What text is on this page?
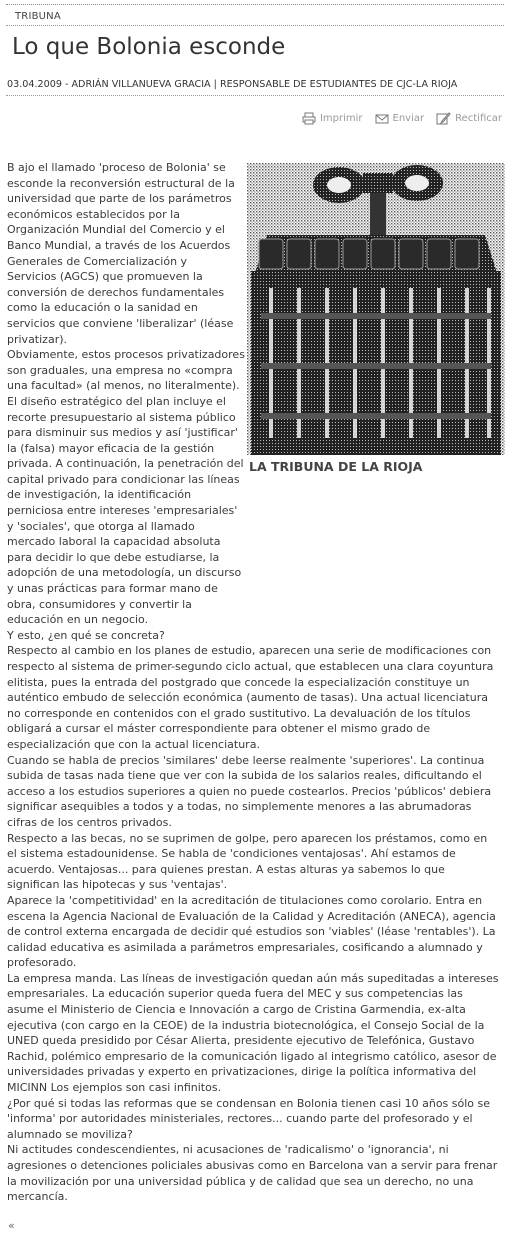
TRIBUNA
Lo que Bolonia esconde
03.04.2009 - ADRIÁN VILLANUEVA GRACIA | RESPONSABLE DE ESTUDIANTES DE CJC-LA RIOJA
Imprimir	Enviar	Rectificar
LA TRIBUNA DE LA RIOJA

B ajo el llamado 'proceso de Bolonia' se esconde la reconversión estructural de la universidad que parte de los parámetros económicos establecidos por la Organización Mundial del Comercio y el Banco Mundial, a través de los Acuerdos Generales de Comercialización y Servicios (AGCS) que promueven la conversión de derechos fundamentales como la educación o la sanidad en servicios que conviene 'liberalizar' (léase privatizar).

Obviamente, estos procesos privatizadores son graduales, una empresa no «compra una facultad» (al menos, no literalmente). El diseño estratégico del plan incluye el recorte presupuestario al sistema público para disminuir sus medios y así 'justificar' la (falsa) mayor eficacia de la gestión privada. A continuación, la penetración del capital privado para condicionar las líneas de investigación, la identificación perniciosa entre intereses 'empresariales' y 'sociales', que otorga al llamado mercado laboral la capacidad absoluta para decidir lo que debe estudiarse, la adopción de una metodología, un discurso y unas prácticas para formar mano de obra, consumidores y convertir la educación en un negocio.

Y esto, ¿en qué se concreta?

Respecto al cambio en los planes de estudio, aparecen una serie de modificaciones con respecto al sistema de primer-segundo ciclo actual, que establecen una clara coyuntura elitista, pues la entrada del postgrado que concede la especialización constituye un auténtico embudo de selección económica (aumento de tasas). Una actual licenciatura no corresponde en contenidos con el grado sustitutivo. La devaluación de los títulos obligará a cursar el máster correspondiente para obtener el mismo grado de especialización que con la actual licenciatura.

Cuando se habla de precios 'similares' debe leerse realmente 'superiores'. La continua subida de tasas nada tiene que ver con la subida de los salarios reales, dificultando el acceso a los estudios superiores a quien no puede costearlos. Precios 'públicos' debiera significar asequibles a todos y a todas, no simplemente menores a las abrumadoras cifras de los centros privados.

Respecto a las becas, no se suprimen de golpe, pero aparecen los préstamos, como en el sistema estadounidense. Se habla de 'condiciones ventajosas'. Ahí estamos de acuerdo. Ventajosas... para quienes prestan. A estas alturas ya sabemos lo que significan las hipotecas y sus 'ventajas'.

Aparece la 'competitividad' en la acreditación de titulaciones como corolario. Entra en escena la Agencia Nacional de Evaluación de la Calidad y Acreditación (ANECA), agencia de control externa encargada de decidir qué estudios son 'viables' (léase 'rentables'). La calidad educativa es asimilada a parámetros empresariales, cosificando a alumnado y profesorado.

La empresa manda. Las líneas de investigación quedan aún más supeditadas a intereses empresariales. La educación superior queda fuera del MEC y sus competencias las asume el Ministerio de Ciencia e Innovación a cargo de Cristina Garmendia, ex-alta ejecutiva (con cargo en la CEOE) de la industria biotecnológica, el Consejo Social de la UNED queda presidido por César Alierta, presidente ejecutivo de Telefónica, Gustavo Rachid, polémico empresario de la comunicación ligado al integrismo católico, asesor de universidades privadas y experto en privatizaciones, dirige la política informativa del MICINN Los ejemplos son casi infinitos.

¿Por qué si todas las reformas que se condensan en Bolonia tienen casi 10 años sólo se 'informa' por autoridades ministeriales, rectores... cuando parte del profesorado y el alumnado se moviliza?

Ni actitudes condescendientes, ni acusaciones de 'radicalismo' o 'ignorancia', ni agresiones o detenciones policiales abusivas como en Barcelona van a servir para frenar la movilización por una universidad pública y de calidad que sea un derecho, no una mercancía.

«
